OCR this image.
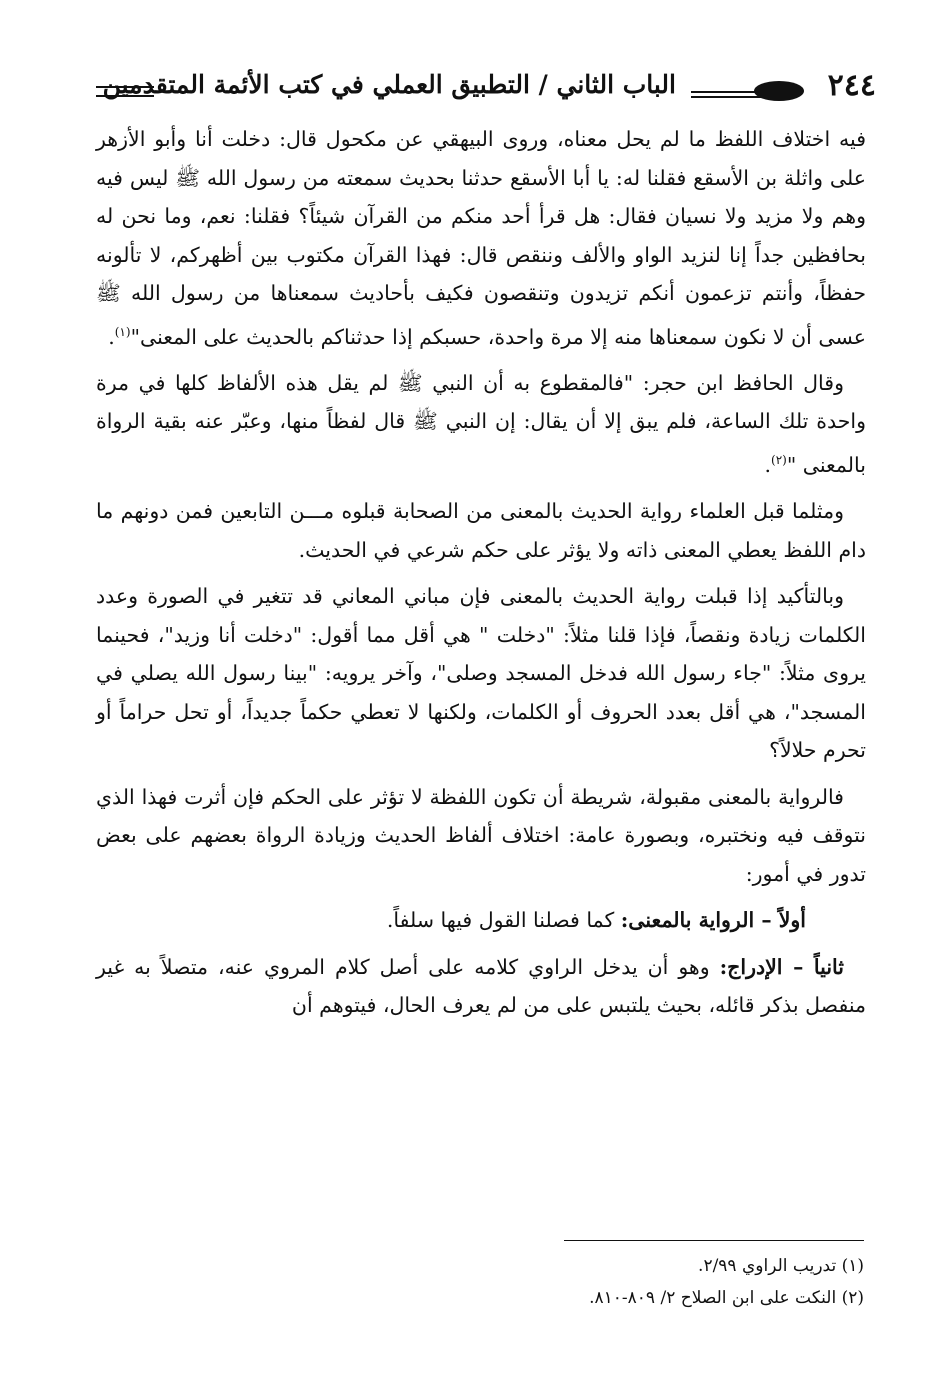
٢٤٤
الباب الثاني / التطبيق العملي في كتب الأئمة المتقدمين

فيه اختلاف اللفظ ما لم يحل معناه، وروى البيهقي عن مكحول قال: دخلت أنا وأبو الأزهر على واثلة بن الأسقع فقلنا له: يا أبا الأسقع حدثنا بحديث سمعته من رسول الله ﷺ ليس فيه وهم ولا مزيد ولا نسيان فقال: هل قرأ أحد منكم من القرآن شيئاً؟ فقلنا: نعم، وما نحن له بحافظين جداً إنا لنزيد الواو والألف وننقص قال: فهذا القرآن مكتوب بين أظهركم، لا تألونه حفظاً، وأنتم تزعمون أنكم تزيدون وتنقصون فكيف بأحاديث سمعناها من رسول الله ﷺ عسى أن لا نكون سمعناها منه إلا مرة واحدة، حسبكم إذا حدثناكم بالحديث على المعنى"$^{(١)}$.

وقال الحافظ ابن حجر: "فالمقطوع به أن النبي ﷺ لم يقل هذه الألفاظ كلها في مرة واحدة تلك الساعة، فلم يبق إلا أن يقال: إن النبي ﷺ قال لفظاً منها، وعبّر عنه بقية الرواة بالمعنى "$^{(٢)}$.

ومثلما قبل العلماء رواية الحديث بالمعنى من الصحابة قبلوه مـــن التابعين فمن دونهم ما دام اللفظ يعطي المعنى ذاته ولا يؤثر على حكم شرعي في الحديث.

وبالتأكيد إذا قبلت رواية الحديث بالمعنى فإن مباني المعاني قد تتغير في الصورة وعدد الكلمات زيادة ونقصاً، فإذا قلنا مثلاً: "دخلت " هي أقل مما أقول: "دخلت أنا وزيد"، فحينما يروى مثلاً: "جاء رسول الله فدخل المسجد وصلى"، وآخر يرويه: "بينا رسول الله يصلي في المسجد"، هي أقل بعدد الحروف أو الكلمات، ولكنها لا تعطي حكماً جديداً، أو تحل حراماً أو تحرم حلالاً؟

فالرواية بالمعنى مقبولة، شريطة أن تكون اللفظة لا تؤثر على الحكم فإن أثرت فهذا الذي نتوقف فيه ونختبره، وبصورة عامة: اختلاف ألفاظ الحديث وزيادة الرواة بعضهم على بعض تدور في أمور:

أولاً – الرواية بالمعنى: كما فصلنا القول فيها سلفاً.

ثانياً – الإدراج: وهو أن يدخل الراوي كلامه على أصل كلام المروي عنه، متصلاً به غير منفصل بذكر قائله، بحيث يلتبس على من لم يعرف الحال، فيتوهم أن

(١) تدريب الراوي ٢/٩٩.
(٢) النكت على ابن الصلاح ٢/ ٨٠٩-٨١٠.
